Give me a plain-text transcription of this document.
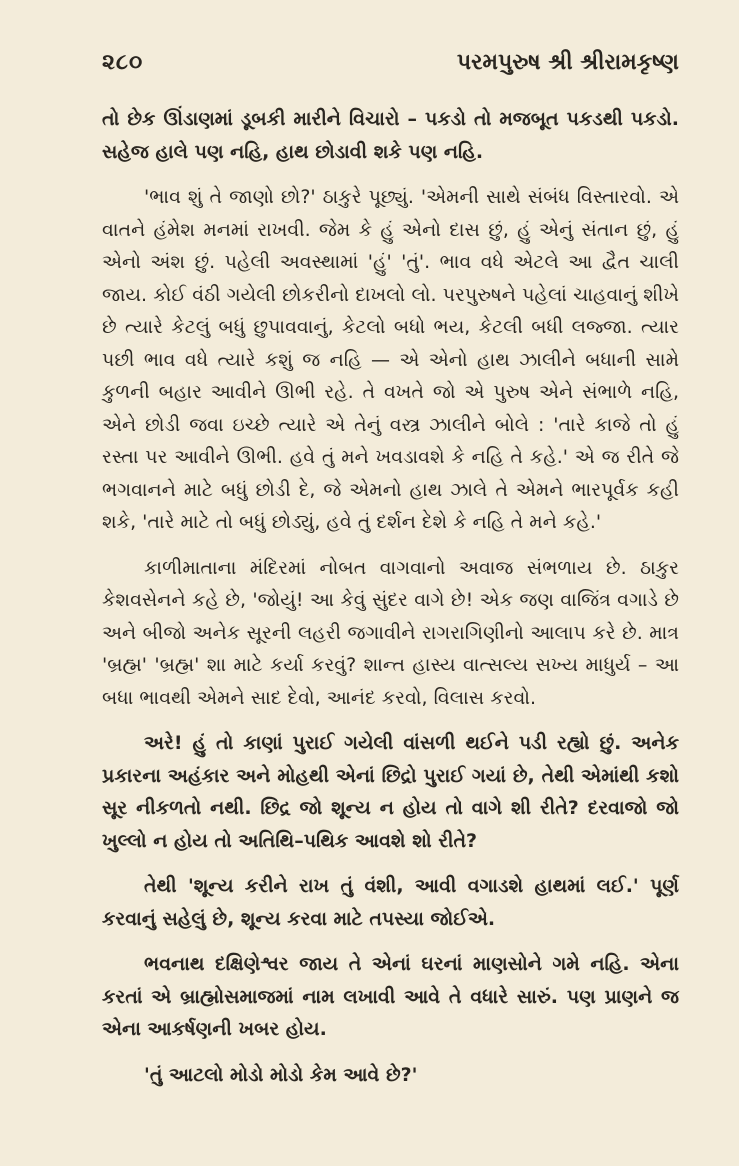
૨૮૦	પરમપુરુષ શ્રી શ્રીરામકૃષ્ણ

તો છેક ઊંડાણમાં ડૂબકી મારીને વિચારો – પકડો તો મજબૂત પકડથી પકડો. સહેજ હાલે પણ નહિ, હાથ છોડાવી શકે પણ નહિ.

'ભાવ શું તે જાણો છો?' ઠાકુરે પૂછ્યું. 'એમની સાથે સંબંધ વિસ્તારવો. એ વાતને હંમેશ મનમાં રાખવી. જેમ કે હું એનો દાસ છું, હું એનું સંતાન છું, હું એનો અંશ છું. પહેલી અવસ્થામાં 'હું' 'તું'. ભાવ વધે એટલે આ દ્વૈત ચાલી જાય. કોઈ વંઠી ગયેલી છોકરીનો દાખલો લો. પરપુરુષને પહેલાં ચાહવાનું શીખે છે ત્યારે કેટલું બધું છુપાવવાનું, કેટલો બધો ભય, કેટલી બધી લજ્જા. ત્યાર પછી ભાવ વધે ત્યારે કશું જ નહિ — એ એનો હાથ ઝાલીને બધાની સામે કુળની બહાર આવીને ઊભી રહે. તે વખતે જો એ પુરુષ એને સંભાળે નહિ, એને છોડી જવા ઇચ્છે ત્યારે એ તેનું વસ્ત્ર ઝાલીને બોલે : 'તારે કાજે તો હું રસ્તા પર આવીને ઊભી. હવે તું મને ખવડાવશે કે નહિ તે કહે.' એ જ રીતે જે ભગવાનને માટે બધું છોડી દે, જે એમનો હાથ ઝાલે તે એમને ભારપૂર્વક કહી શકે, 'તારે માટે તો બધું છોડ્યું, હવે તું દર્શન દેશે કે નહિ તે મને કહે.'

કાળીમાતાના મંદિરમાં નોબત વાગવાનો અવાજ સંભળાય છે. ઠાકુર કેશવસેનને કહે છે, 'જોયું! આ કેવું સુંદર વાગે છે! એક જણ વાજિંત્ર વગાડે છે અને બીજો અનેક સૂરની લહરી જગાવીને રાગરાગિણીનો આલાપ કરે છે. માત્ર 'બ્રહ્મ' 'બ્રહ્મ' શા માટે કર્યા કરવું? શાન્ત હાસ્ય વાત્સલ્ય સખ્ય માધુર્ય – આ બધા ભાવથી એમને સાદ દેવો, આનંદ કરવો, વિલાસ કરવો.

અરે! હું તો કાણાં પુરાઈ ગયેલી વાંસળી થઈને પડી રહ્યો છું. અનેક પ્રકારના અહંકાર અને મોહથી એનાં છિદ્રો પુરાઈ ગયાં છે, તેથી એમાંથી કશો સૂર નીકળતો નથી. છિદ્ર જો શૂન્ય ન હોય તો વાગે શી રીતે? દરવાજો જો ખુલ્લો ન હોય તો અતિથિ–પથિક આવશે શો રીતે?

તેથી 'શૂન્ય કરીને રાખ તું વંશી, આવી વગાડશે હાથમાં લઈ.' પૂર્ણ કરવાનું સહેલું છે, શૂન્ય કરવા માટે તપસ્યા જોઈએ.

ભવનાથ દક્ષિણેશ્વર જાય તે એનાં ઘરનાં માણસોને ગમે નહિ. એના કરતાં એ બ્રાહ્મોસમાજમાં નામ લખાવી આવે તે વધારે સારું. પણ પ્રાણને જ એના આકર્ષણની ખબર હોય.

'તું આટલો મોડો મોડો કેમ આવે છે?'
